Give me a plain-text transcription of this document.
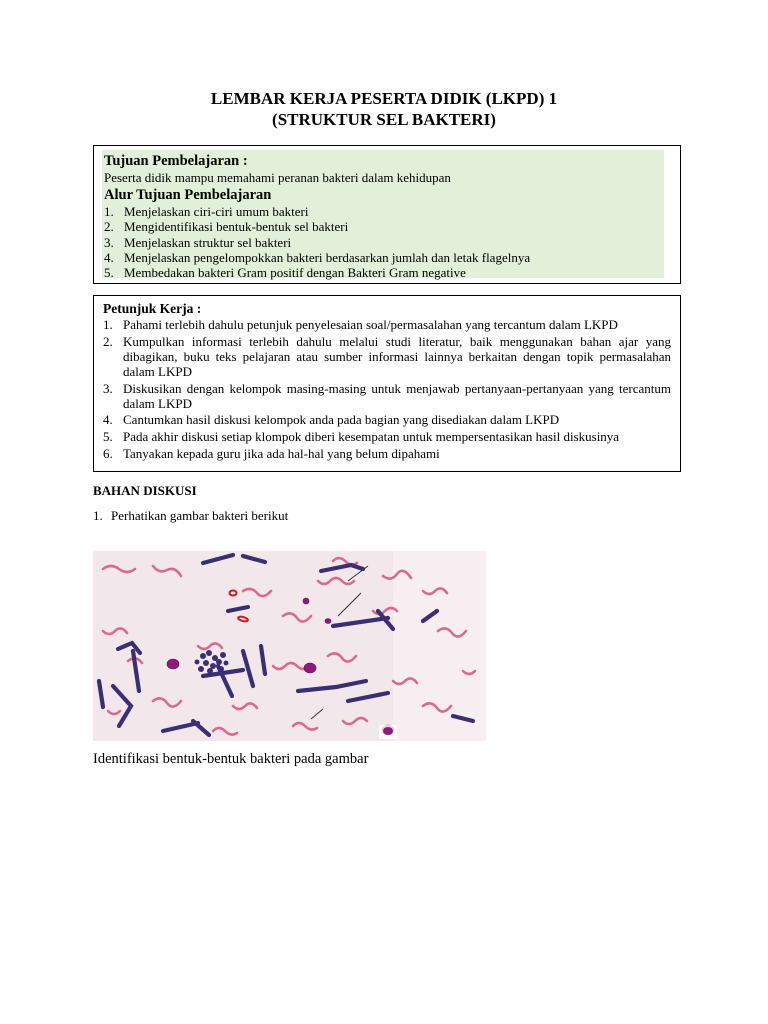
LEMBAR KERJA PESERTA DIDIK (LKPD) 1
(STRUKTUR SEL BAKTERI)
Tujuan Pembelajaran :
Peserta didik mampu memahami peranan bakteri dalam kehidupan
Alur Tujuan Pembelajaran
1. Menjelaskan ciri-ciri umum bakteri
2. Mengidentifikasi bentuk-bentuk sel bakteri
3. Menjelaskan struktur sel bakteri
4. Menjelaskan pengelompokkan bakteri berdasarkan jumlah dan letak flagelnya
5. Membedakan bakteri Gram positif dengan Bakteri Gram negative
Petunjuk Kerja :
1. Pahami terlebih dahulu petunjuk penyelesaian soal/permasalahan yang tercantum dalam LKPD
2. Kumpulkan informasi terlebih dahulu melalui studi literatur, baik menggunakan bahan ajar yang dibagikan, buku teks pelajaran atau sumber informasi lainnya berkaitan dengan topik permasalahan dalam LKPD
3. Diskusikan dengan kelompok masing-masing untuk menjawab pertanyaan-pertanyaan yang tercantum dalam LKPD
4. Cantumkan hasil diskusi kelompok anda pada bagian yang disediakan dalam LKPD
5. Pada akhir diskusi setiap klompok diberi kesempatan untuk mempersentasikan hasil diskusinya
6. Tanyakan kepada guru jika ada hal-hal yang belum dipahami
BAHAN DISKUSI
1. Perhatikan gambar bakteri berikut
Identifikasi bentuk-bentuk bakteri pada gambar
